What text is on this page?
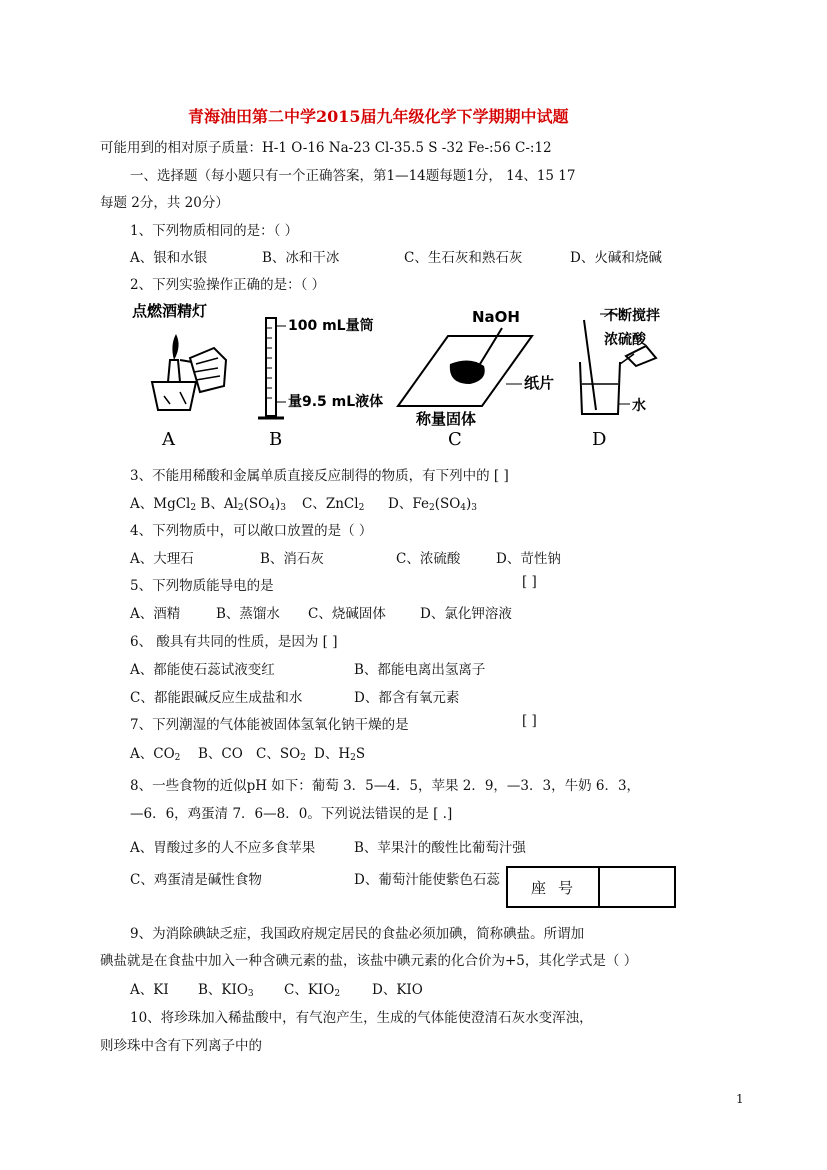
青海油田第二中学2015届九年级化学下学期期中试题
可能用到的相对原子质量：H-1 O-16 Na-23 Cl-35.5 S -32 Fe-:56 C-:12
一、选择题（每小题只有一个正确答案，第1—14题每题1分， 14、15 17
每题 2分，共 20分）
1、下列物质相同的是：（ ）
A、银和水银	B、冰和干冰	C、生石灰和熟石灰	D、火碱和烧碱
2、下列实验操作正确的是：（ ）
点燃酒精灯
A
100 mL量筒
量9.5 mL液体
B
NaOH
纸片
称量固体
C
不断搅拌
浓硫酸
水
D
3、不能用稀酸和金属单质直接反应制得的物质，有下列中的 [ ]
A、MgCl$_2$ B、$Al_2(SO_4)_3$ C、ZnCl$_2$ D、$Fe_2(SO_4)_3$
4、下列物质中，可以敞口放置的是（ ）
A、大理石	B、消石灰	C、浓硫酸	D、苛性钠
5、下列物质能导电的是	[ ]
A、酒精	B、蒸馏水 C、烧碱固体	D、氯化钾溶液
6、 酸具有共同的性质，是因为 [ ]
A、都能使石蕊试液变红	B、都能电离出氢离子
C、都能跟碱反应生成盐和水	D、都含有氧元素
7、下列潮湿的气体能被固体氢氧化钠干燥的是	[ ]
A、$CO_2$ B、CO C、$SO_2$ D、$H_2S$
8、一些食物的近似pH 如下：葡萄 3．5—4．5，苹果 2．9，—3．3，牛奶 6．3，
—6．6，鸡蛋清 7．6—8．0。下列说法错误的是 [ .]
A、胃酸过多的人不应多食苹果	B、苹果汁的酸性比葡萄汁强
C、鸡蛋清是碱性食物	D、葡萄汁能使紫色石蕊	座号
9、为消除碘缺乏症，我国政府规定居民的食盐必须加碘，简称碘盐。所谓加
碘盐就是在食盐中加入一种含碘元素的盐，该盐中碘元素的化合价为+5，其化学式是（ ）
A、KI B、$KIO_3$ C、$KIO_2$ D、KIO
10、将珍珠加入稀盐酸中，有气泡产生，生成的气体能使澄清石灰水变浑浊，
则珍珠中含有下列离子中的
1
